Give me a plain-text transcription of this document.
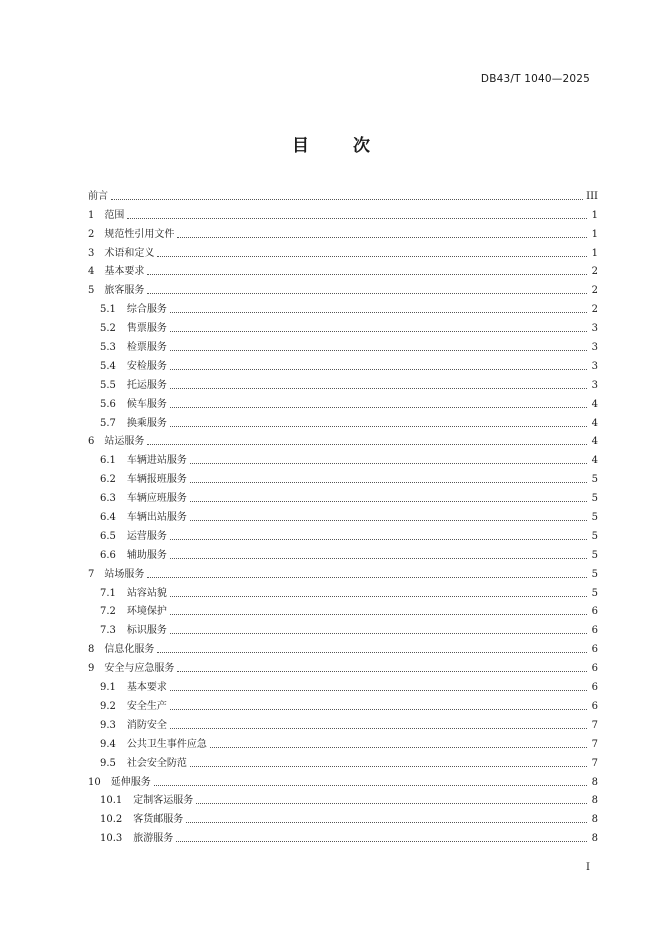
DB43/T 1040—2025
目次
前言	III
1 范围	1
2 规范性引用文件	1
3 术语和定义	1
4 基本要求	2
5 旅客服务	2
5.1 综合服务	2
5.2 售票服务	3
5.3 检票服务	3
5.4 安检服务	3
5.5 托运服务	3
5.6 候车服务	4
5.7 换乘服务	4
6 站运服务	4
6.1 车辆进站服务	4
6.2 车辆报班服务	5
6.3 车辆应班服务	5
6.4 车辆出站服务	5
6.5 运营服务	5
6.6 辅助服务	5
7 站场服务	5
7.1 站容站貌	5
7.2 环境保护	6
7.3 标识服务	6
8 信息化服务	6
9 安全与应急服务	6
9.1 基本要求	6
9.2 安全生产	6
9.3 消防安全	7
9.4 公共卫生事件应急	7
9.5 社会安全防范	7
10 延伸服务	8
10.1 定制客运服务	8
10.2 客货邮服务	8
10.3 旅游服务	8
I
